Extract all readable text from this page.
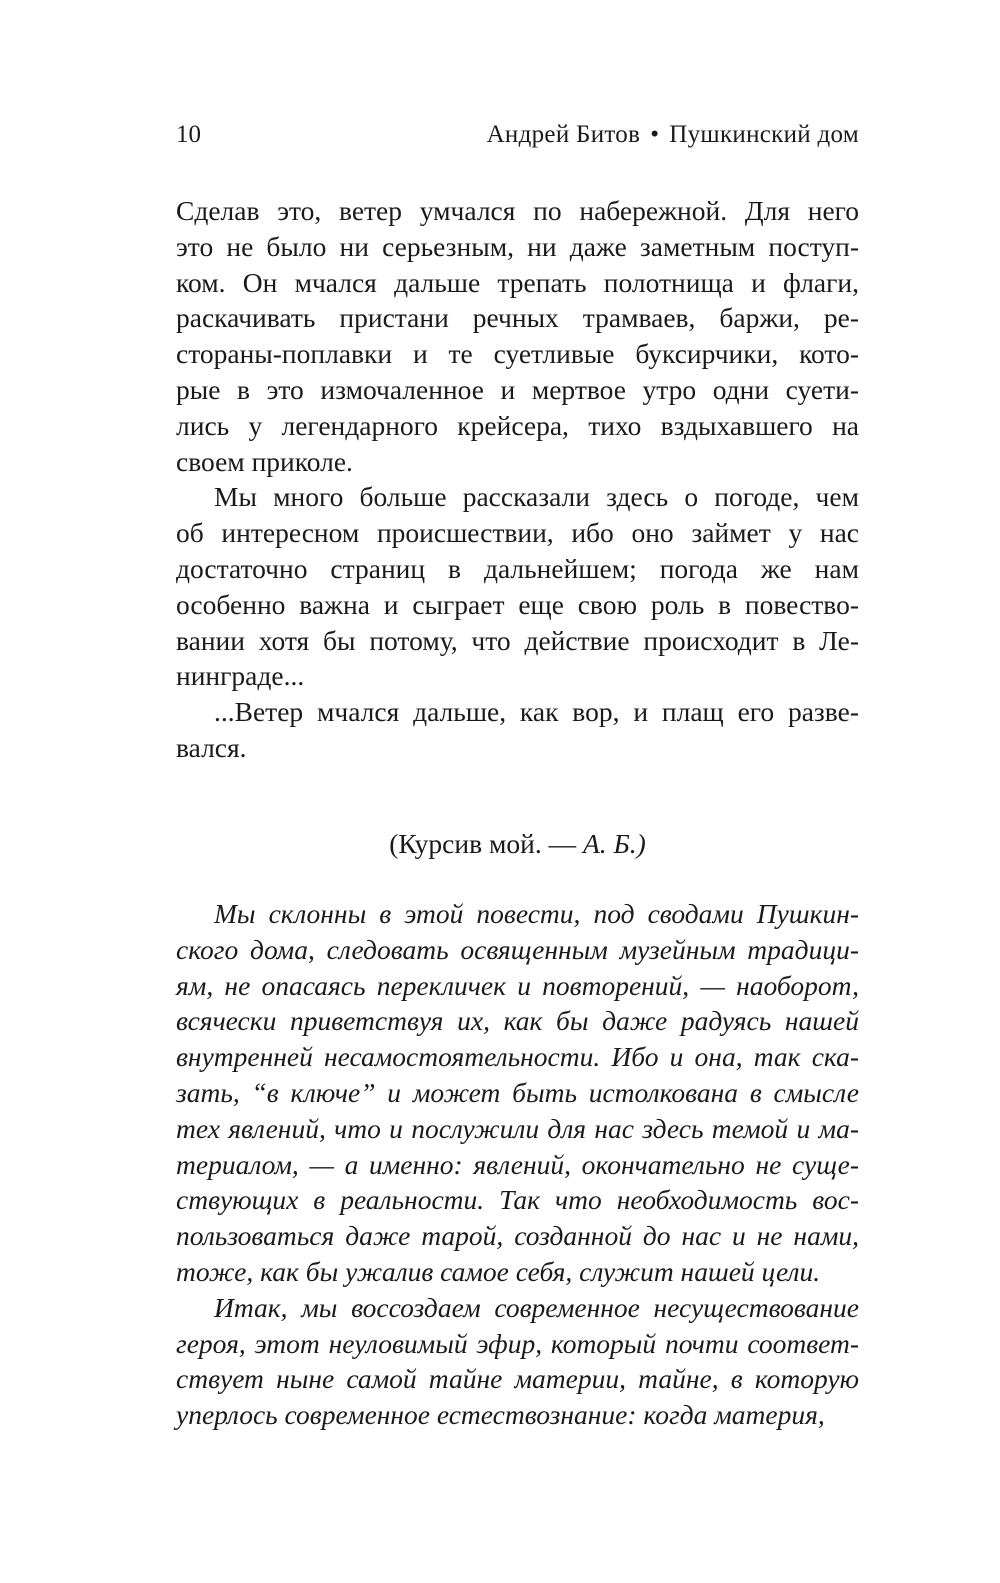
10	Андрей Битов • Пушкинский дом
Сделав это, ветер умчался по набережной. Для него
это не было ни серьезным, ни даже заметным поступ-
ком. Он мчался дальше трепать полотнища и флаги,
раскачивать пристани речных трамваев, баржи, ре-
стораны-поплавки и те суетливые буксирчики, кото-
рые в это измочаленное и мертвое утро одни суети-
лись у легендарного крейсера, тихо вздыхавшего на
своем приколе.
Мы много больше рассказали здесь о погоде, чем
об интересном происшествии, ибо оно займет у нас
достаточно страниц в дальнейшем; погода же нам
особенно важна и сыграет еще свою роль в повество-
вании хотя бы потому, что действие происходит в Ле-
нинграде...
...Ветер мчался дальше, как вор, и плащ его разве-
вался.
(Курсив мой. — А. Б.)
Мы склонны в этой повести, под сводами Пушкин-
ского дома, следовать освященным музейным традици-
ям, не опасаясь перекличек и повторений, — наоборот,
всячески приветствуя их, как бы даже радуясь нашей
внутренней несамостоятельности. Ибо и она, так ска-
зать, “в ключе” и может быть истолкована в смысле
тех явлений, что и послужили для нас здесь темой и ма-
териалом, — а именно: явлений, окончательно не суще-
ствующих в реальности. Так что необходимость вос-
пользоваться даже тарой, созданной до нас и не нами,
тоже, как бы ужалив самое себя, служит нашей цели.
Итак, мы воссоздаем современное несуществование
героя, этот неуловимый эфир, который почти соответ-
ствует ныне самой тайне материи, тайне, в которую
уперлось современное естествознание: когда материя,
